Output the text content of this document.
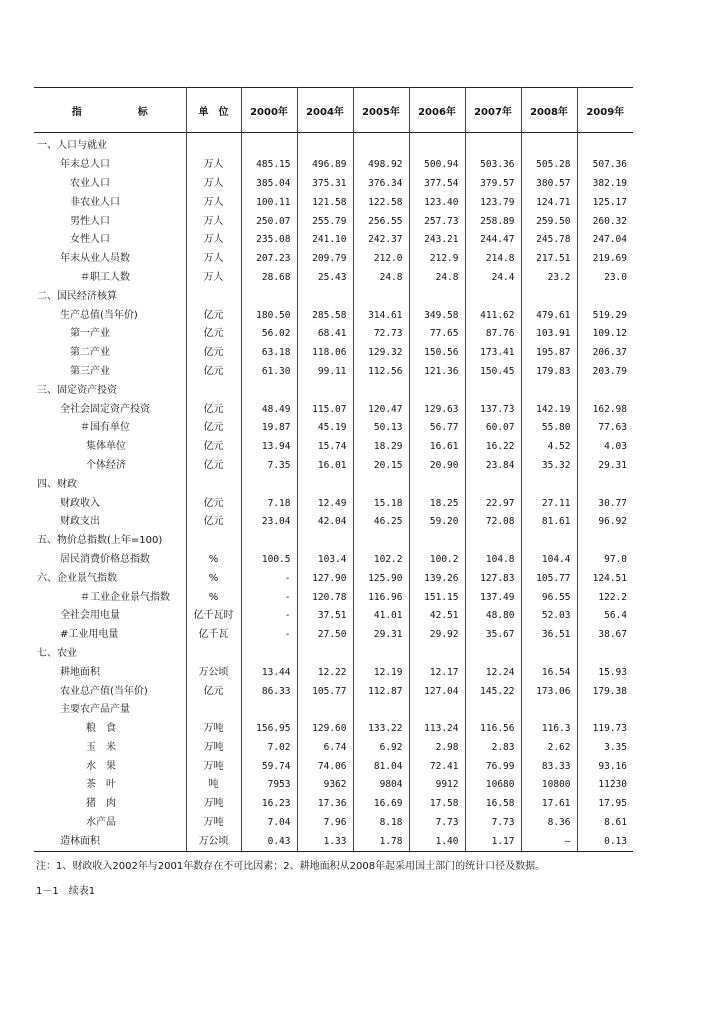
指 标	单 位	2000年	2004年	2005年	2006年	2007年	2008年	2009年
一、人口与就业								
年末总人口	万人	485.15	496.89	498.92	500.94	503.36	505.28	507.36
农业人口	万人	385.04	375.31	376.34	377.54	379.57	380.57	382.19
非农业人口	万人	100.11	121.58	122.58	123.40	123.79	124.71	125.17
男性人口	万人	250.07	255.79	256.55	257.73	258.89	259.50	260.32
女性人口	万人	235.08	241.10	242.37	243.21	244.47	245.78	247.04
年末从业人员数	万人	207.23	209.79	212.0	212.9	214.8	217.51	219.69
＃职工人数	万人	28.68	25.43	24.8	24.8	24.4	23.2	23.0
二、国民经济核算								
生产总值(当年价)	亿元	180.50	285.58	314.61	349.58	411.62	479.61	519.29
第一产业	亿元	56.02	68.41	72.73	77.65	87.76	103.91	109.12
第二产业	亿元	63.18	118.06	129.32	150.56	173.41	195.87	206.37
第三产业	亿元	61.30	99.11	112.56	121.36	150.45	179.83	203.79
三、固定资产投资								
全社会固定资产投资	亿元	48.49	115.07	120.47	129.63	137.73	142.19	162.98
＃国有单位	亿元	19.87	45.19	50.13	56.77	60.07	55.80	77.63
集体单位	亿元	13.94	15.74	18.29	16.61	16.22	4.52	4.03
个体经济	亿元	7.35	16.01	20.15	20.90	23.84	35.32	29.31
四、财政								
财政收入	亿元	7.18	12.49	15.18	18.25	22.97	27.11	30.77
财政支出	亿元	23.04	42.04	46.25	59.20	72.08	81.61	96.92
五、物价总指数(上年=100)								
居民消费价格总指数	%	100.5	103.4	102.2	100.2	104.8	104.4	97.0
六、企业景气指数	%	-	127.90	125.90	139.26	127.83	105.77	124.51
＃工业企业景气指数	%	-	120.78	116.96	151.15	137.49	96.55	122.2
全社会用电量	亿千瓦时	-	37.51	41.01	42.51	48.80	52.03	56.4
#工业用电量	亿千瓦	-	27.50	29.31	29.92	35.67	36.51	38.67
七、农业								
耕地面积	万公顷	13.44	12.22	12.19	12.17	12.24	16.54	15.93
农业总产值(当年价)	亿元	86.33	105.77	112.87	127.04	145.22	173.06	179.38
主要农产品产量								
粮　食	万吨	156.95	129.60	133.22	113.24	116.56	116.3	119.73
玉　米	万吨	7.02	6.74	6.92	2.98	2.83	2.62	3.35
水　果	万吨	59.74	74.06	81.04	72.41	76.99	83.33	93.16
茶　叶	吨	7953	9362	9804	9912	10680	10800	11230
猪　肉	万吨	16.23	17.36	16.69	17.58	16.58	17.61	17.95
水产品	万吨	7.04	7.96	8.18	7.73	7.73	8.36	8.61
造林面积	万公顷	0.43	1.33	1.78	1.40	1.17	—	0.13
注：1、财政收入2002年与2001年数存在不可比因素；2、耕地面积从2008年起采用国土部门的统计口径及数据。
1－1　续表1
